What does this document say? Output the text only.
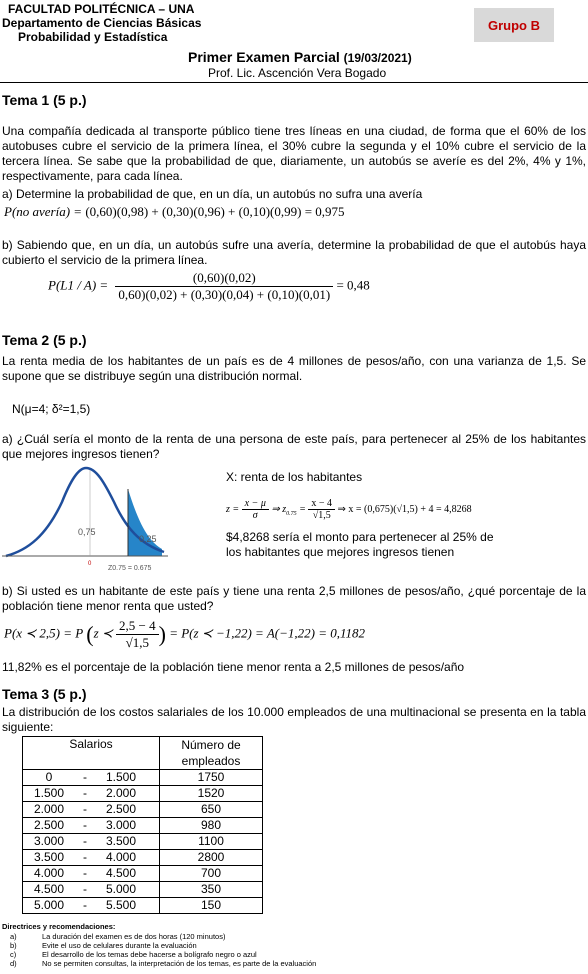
FACULTAD POLITÉCNICA – UNA
Departamento de Ciencias Básicas
Probabilidad y Estadística
Grupo B
Primer Examen Parcial (19/03/2021)
Prof. Lic. Ascención Vera Bogado
Tema 1 (5 p.)
Una compañía dedicada al transporte público tiene tres líneas en una ciudad, de forma que el 60% de los autobuses cubre el servicio de la primera línea, el 30% cubre la segunda y el 10% cubre el servicio de la tercera línea. Se sabe que la probabilidad de que, diariamente, un autobús se averíe es del 2%, 4% y 1%, respectivamente, para cada línea.
a) Determine la probabilidad de que, en un día, un autobús no sufra una avería
P(no avería) = (0,60)(0,98) + (0,30)(0,96) + (0,10)(0,99) = 0,975
b) Sabiendo que, en un día, un autobús sufre una avería, determine la probabilidad de que el autobús haya cubierto el servicio de la primera línea.
$P(L1 / A) = \frac{(0,60)(0,02)}{0,60)(0,02) + (0,30)(0,04) + (0,10)(0,01)} = 0,48$
Tema 2 (5 p.)
La renta media de los habitantes de un país es de 4 millones de pesos/año, con una varianza de 1,5. Se supone que se distribuye según una distribución normal.
N(μ=4; δ²=1,5)
a) ¿Cuál sería el monto de la renta de una persona de este país, para pertenecer al 25% de los habitantes que mejores ingresos tienen?
0,75
0,25
0
Z0.75 = 0.675
X: renta de los habitantes
$z = \frac{x - \mu}{\sigma}$ ⇒ $z_{0.75} = \frac{x - 4}{√1,5}$ ⇒ x = (0,675)(√1,5) + 4 = 4,8268
$4,8268 sería el monto para pertenecer al 25% de los habitantes que mejores ingresos tienen
b) Si usted es un habitante de este país y tiene una renta 2,5 millones de pesos/año, ¿qué porcentaje de la población tiene menor renta que usted?
P(x ≺ 2,5) = P (z ≺ $\frac{2,5 - 4}{√1,5}$ ) = P(z ≺ −1,22) = A(−1,22) = 0,1182
11,82% es el porcentaje de la población tiene menor renta a 2,5 millones de pesos/año
Tema 3 (5 p.)
La distribución de los costos salariales de los 10.000 empleados de una multinacional se presenta en la tabla siguiente:
Salarios	Número de
empleados

0 - 1.500	1750
1.500 - 2.000	1520
2.000 - 2.500	650
2.500 - 3.000	980
3.000 - 3.500	1100
3.500 - 4.000	2800
4.000 - 4.500	700
4.500 - 5.000	350
5.000 - 5.500	150
Directrices y recomendaciones:
a)	La duración del examen es de dos horas (120 minutos)
b)	Evite el uso de celulares durante la evaluación
c)	El desarrollo de los temas debe hacerse a bolígrafo negro o azul
d)	No se permiten consultas, la interpretación de los temas, es parte de la evaluación
